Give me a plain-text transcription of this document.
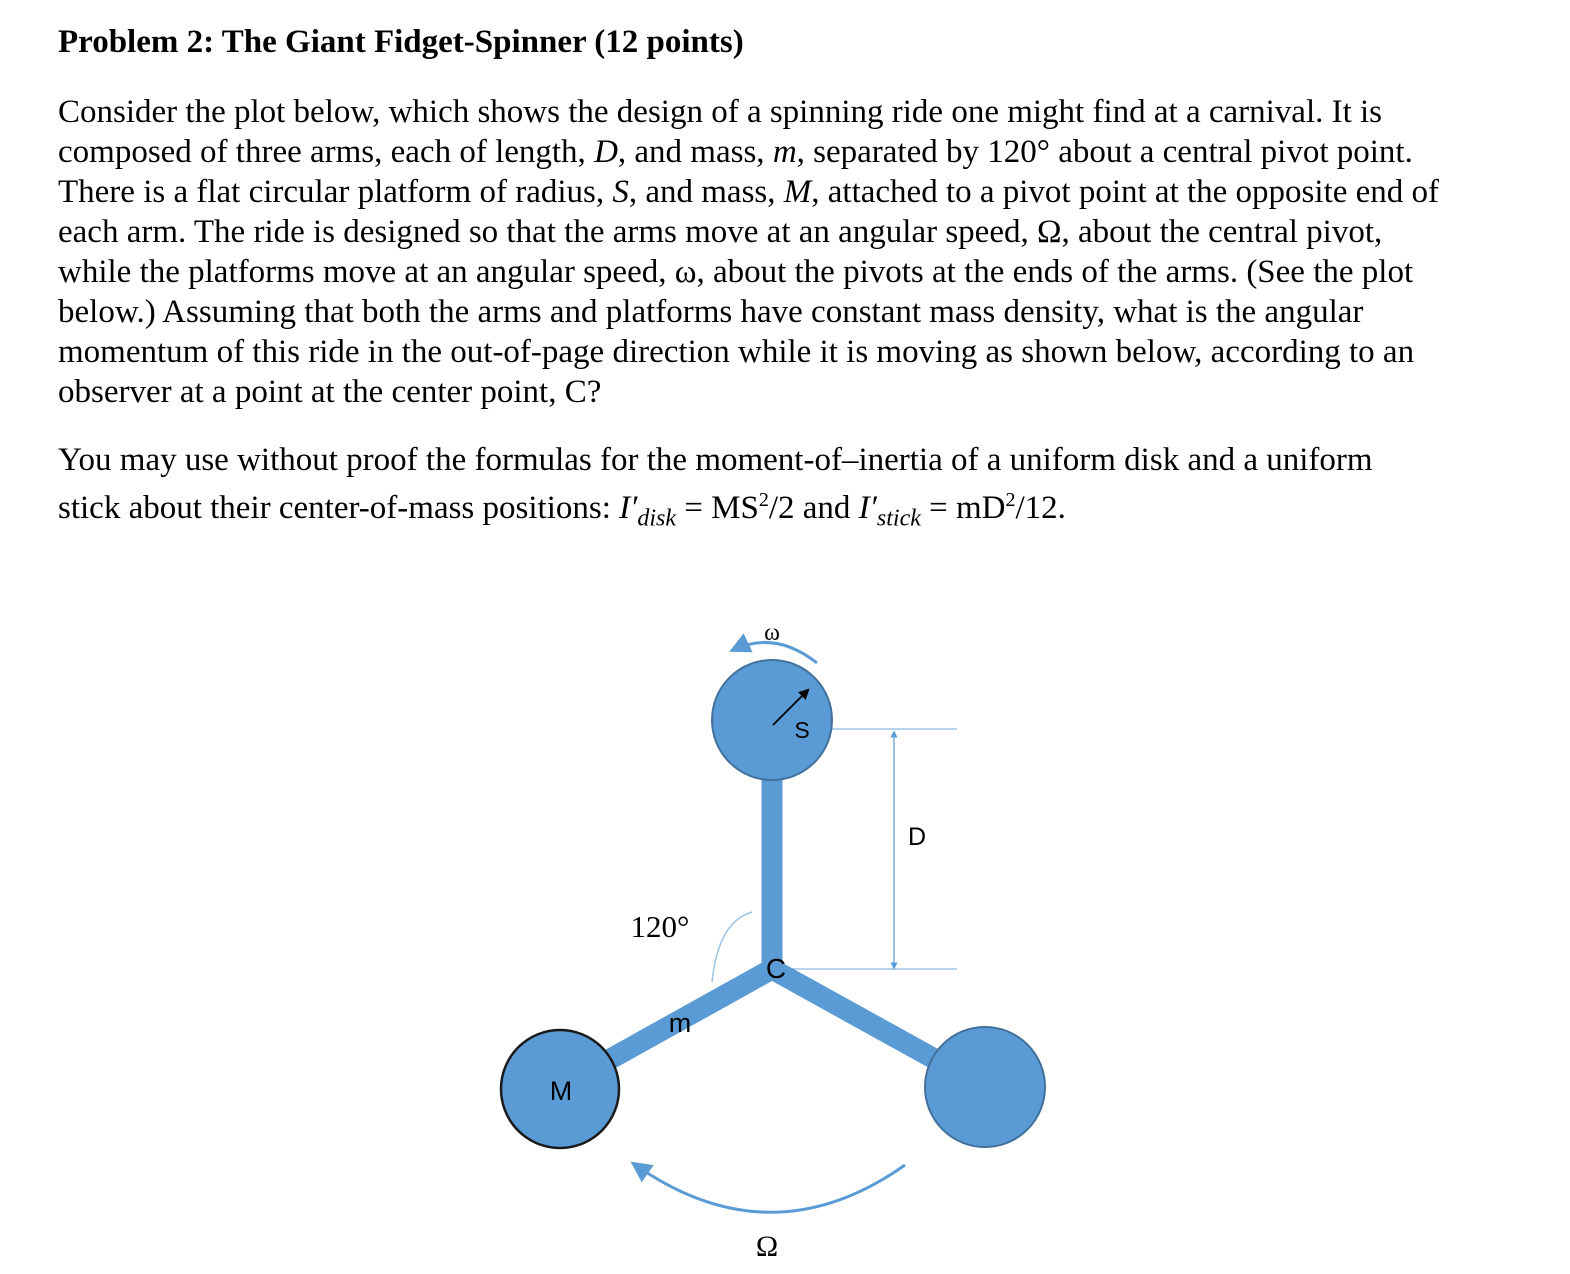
Problem 2: The Giant Fidget-Spinner (12 points)
Consider the plot below, which shows the design of a spinning ride one might find at a carnival. It is
composed of three arms, each of length, D, and mass, m, separated by 120° about a central pivot point.
There is a flat circular platform of radius, S, and mass, M, attached to a pivot point at the opposite end of
each arm. The ride is designed so that the arms move at an angular speed, Ω, about the central pivot,
while the platforms move at an angular speed, ω, about the pivots at the ends of the arms. (See the plot
below.) Assuming that both the arms and platforms have constant mass density, what is the angular
momentum of this ride in the out-of-page direction while it is moving as shown below, according to an
observer at a point at the center point, C?
You may use without proof the formulas for the moment-of–inertia of a uniform disk and a uniform
stick about their center-of-mass positions: $I'_{disk} = MS^2/2$ and $I'_{stick} = mD^2/12$.
ω
S
D
120°
C
m
M
Ω
